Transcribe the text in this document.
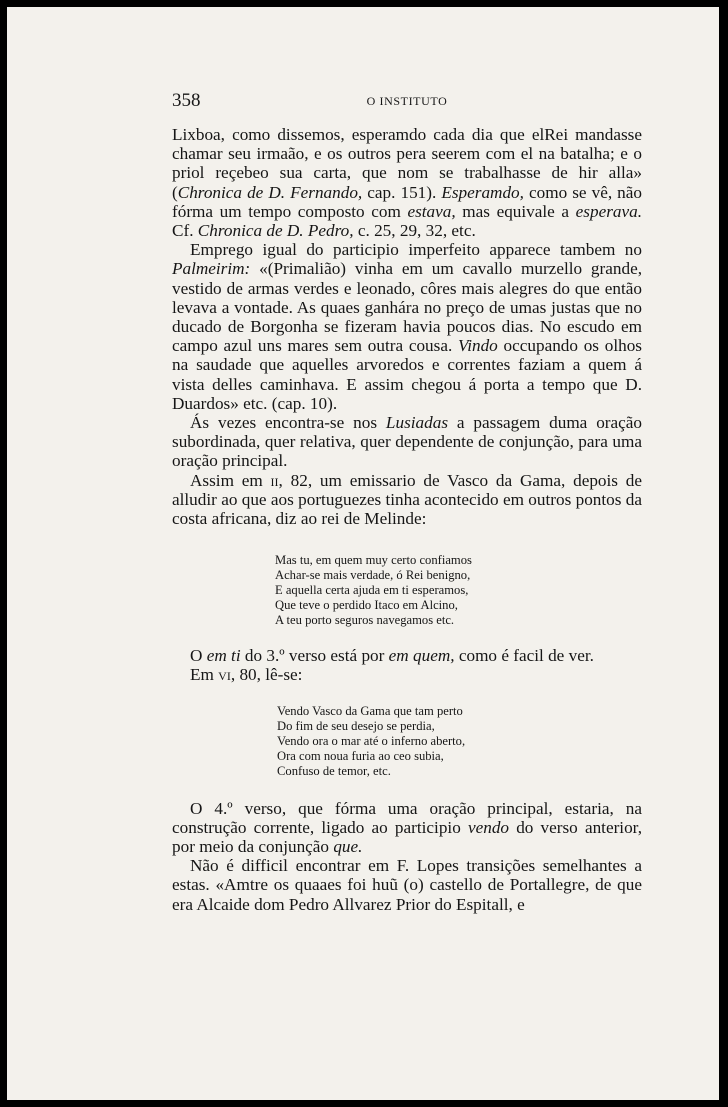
358	O INSTITUTO

Lixboa, como dissemos, esperamdo cada dia que elRei mandasse chamar seu irmaão, e os outros pera seerem com el na batalha; e o priol reçebeo sua carta, que nom se trabalhasse de hir alla» (Chronica de D. Fernando, cap. 151). Esperamdo, como se vê, não fórma um tempo composto com estava, mas equivale a esperava. Cf. Chronica de D. Pedro, c. 25, 29, 32, etc.

Emprego igual do participio imperfeito apparece tambem no Palmeirim: «(Primalião) vinha em um cavallo murzello grande, vestido de armas verdes e leonado, côres mais alegres do que então levava a vontade. As quaes ganhára no preço de umas justas que no ducado de Borgonha se fizeram havia poucos dias. No escudo em campo azul uns mares sem outra cousa. Vindo occupando os olhos na saudade que aquelles arvoredos e correntes faziam a quem á vista delles caminhava. E assim chegou á porta a tempo que D. Duardos» etc. (cap. 10).

Ás vezes encontra-se nos Lusiadas a passagem duma oração subordinada, quer relativa, quer dependente de conjunção, para uma oração principal.

Assim em ii, 82, um emissario de Vasco da Gama, depois de alludir ao que aos portuguezes tinha acontecido em outros pontos da costa africana, diz ao rei de Melinde:

Mas tu, em quem muy certo confiamos
Achar-se mais verdade, ó Rei benigno,
E aquella certa ajuda em ti esperamos,
Que teve o perdido Itaco em Alcino,
A teu porto seguros navegamos etc.

O em ti do 3.º verso está por em quem, como é facil de ver.

Em vi, 80, lê-se:

Vendo Vasco da Gama que tam perto
Do fim de seu desejo se perdia,
Vendo ora o mar até o inferno aberto,
Ora com noua furia ao ceo subia,
Confuso de temor, etc.

O 4.º verso, que fórma uma oração principal, estaria, na construção corrente, ligado ao participio vendo do verso anterior, por meio da conjunção que.

Não é difficil encontrar em F. Lopes transições semelhantes a estas. «Amtre os quaaes foi huũ (o) castello de Portallegre, de que era Alcaide dom Pedro Allvarez Prior do Espitall, e
